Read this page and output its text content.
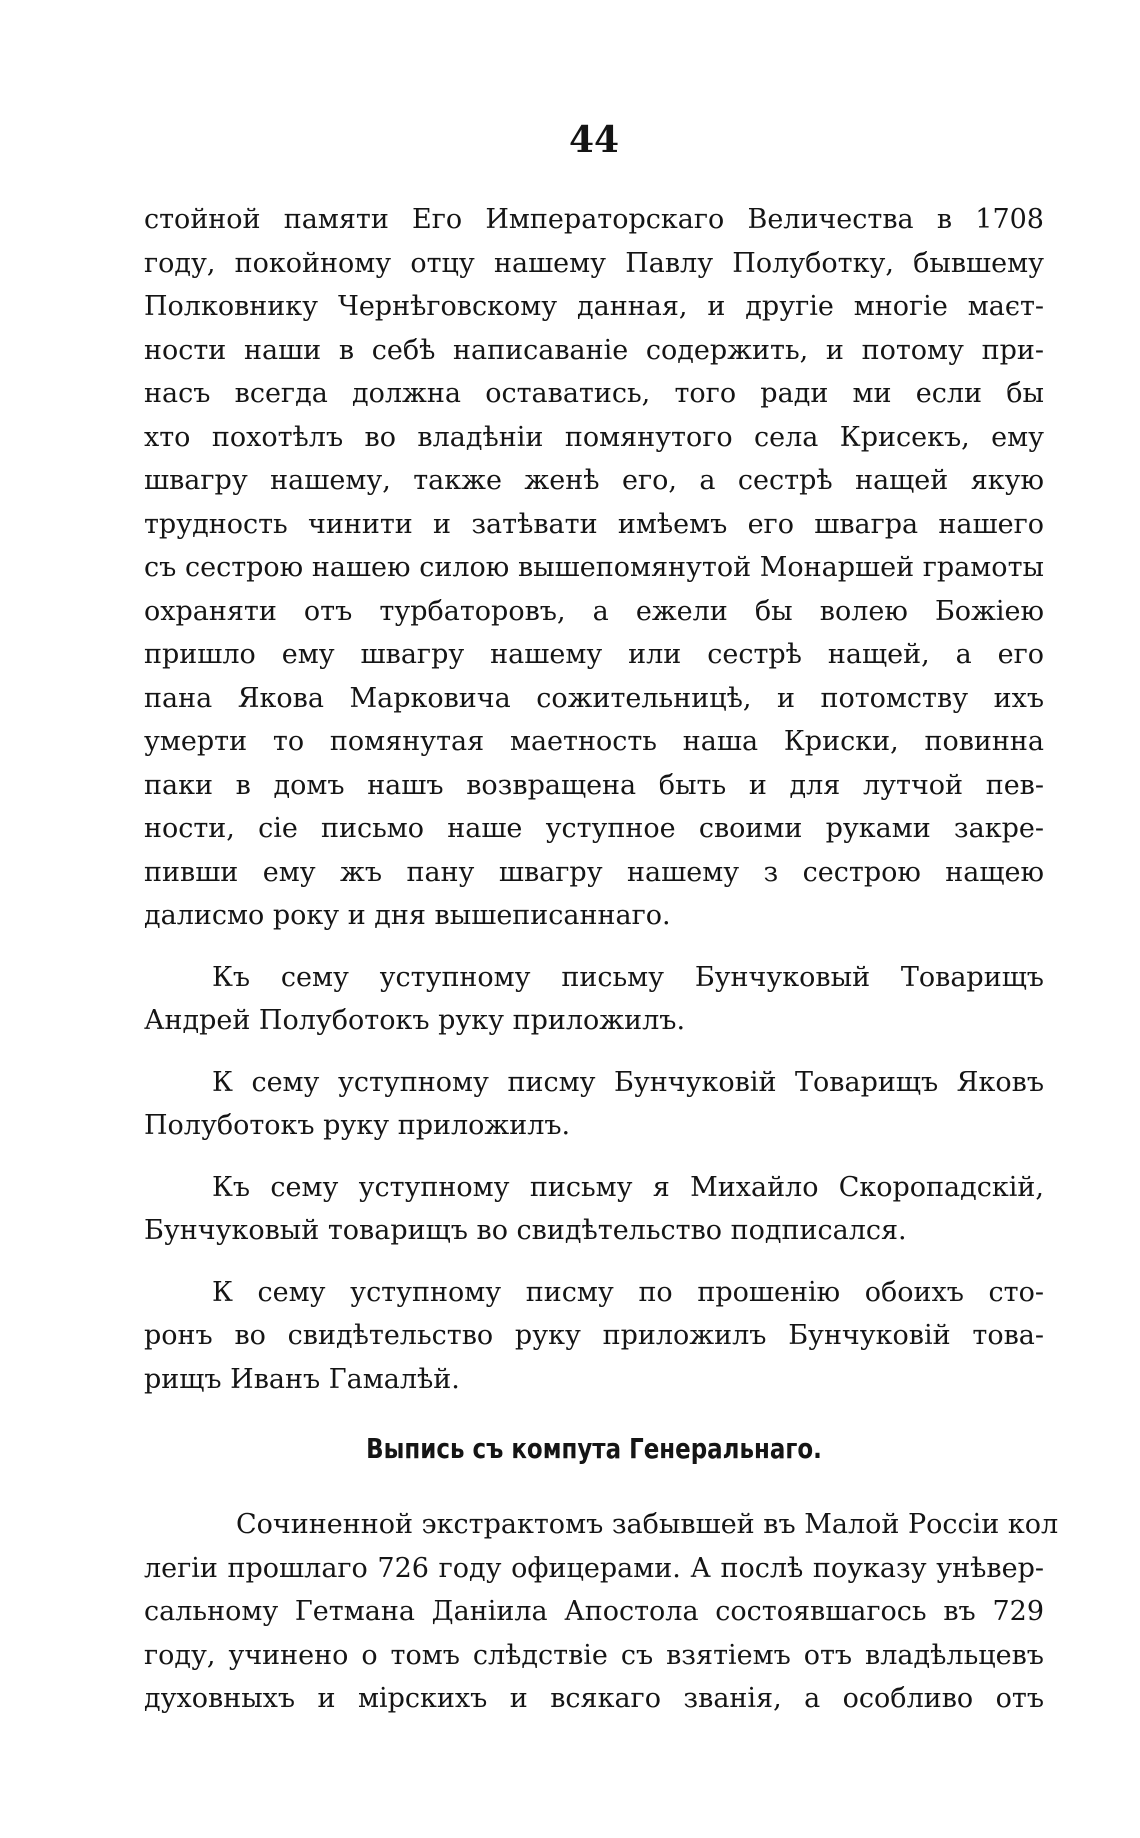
44

стойной памяти Его Императорскаго Величества в 1708
году, покойному отцу нашему Павлу Полуботку, бывшему
Полковнику Чернѣговскому данная, и другіе многіе маєт-
ности наши в себѣ написаваніе содержить, и потому при-
насъ всегда должна оставатись, того ради ми если бы
хто похотѣлъ во владѣніи помянутого села Крисекъ, ему
швагру нашему, также женѣ его, а сестрѣ нащей якую
трудность чинити и затѣвати имѣемъ его швагра нашего
съ сестрою нашею силою вышепомянутой Монаршей грамоты
охраняти отъ турбаторовъ, а ежели бы волею Божіею
пришло ему швагру нашему или сестрѣ нащей, а его
пана Якова Марковича сожительницѣ, и потомству ихъ
умерти то помянутая маетность наша Криски, повинна
паки в домъ нашъ возвращена быть и для лутчой пев-
ности, сіе письмо наше уступное своими руками закре-
пивши ему жъ пану швагру нашему з сестрою нащею
далисмо року и дня вышеписаннаго.

Къ сему уступному письму Бунчуковый Товарищъ
Андрей Полуботокъ руку приложилъ.

К сему уступному писму Бунчуковій Товарищъ Яковъ
Полуботокъ руку приложилъ.

Къ сему уступному письму я Михайло Скоропадскій,
Бунчуковый товарищъ во свидѣтельство подписался.

К сему уступному писму по прошенію обоихъ сто-
ронъ во свидѣтельство руку приложилъ Бунчуковій това-
рищъ Иванъ Гамалѣй.

Выпись съ компута Генеральнаго.

Сочиненной экстрактомъ забывшей въ Малой Россіи кол
легіи прошлаго 726 году офицерами. А послѣ поуказу унѣвер-
сальному Гетмана Даніила Апостола состоявшагось въ 729
году, учинено о томъ слѣдствіе съ взятіемъ отъ владѣльцевъ
духовныхъ и мірскихъ и всякаго званія, а особливо отъ
